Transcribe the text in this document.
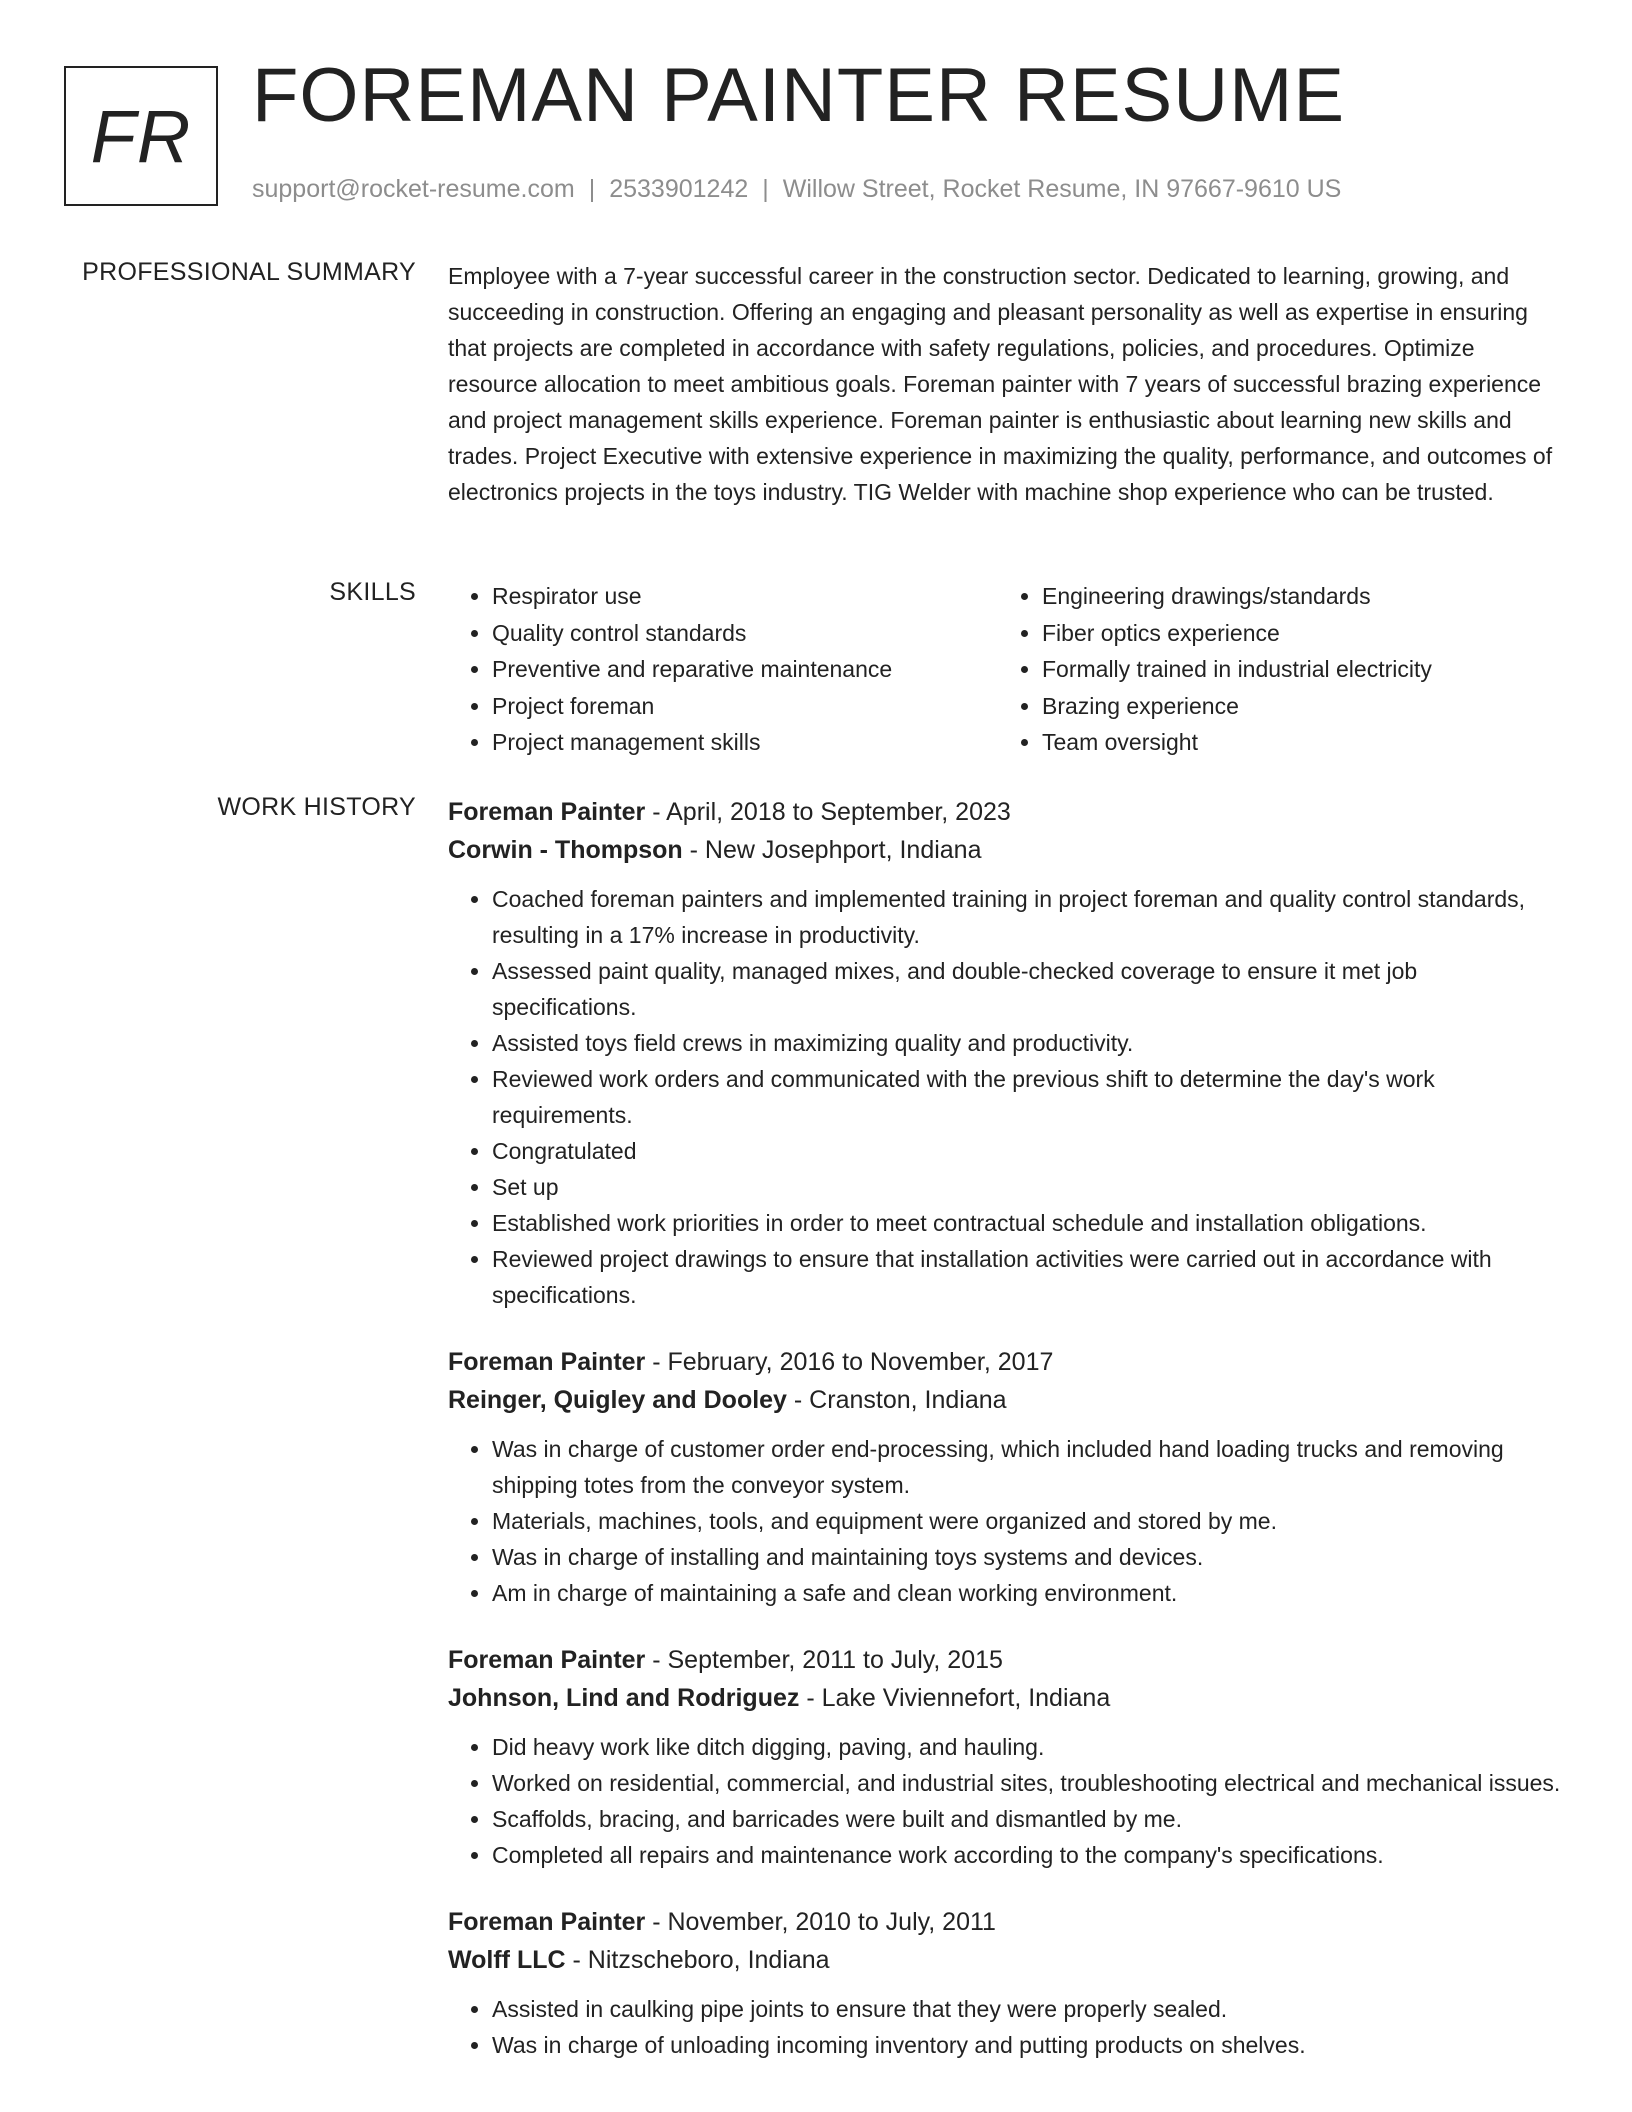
FR FOREMAN PAINTER RESUME
support@rocket-resume.com | 2533901242 | Willow Street, Rocket Resume, IN 97667-9610 US
PROFESSIONAL SUMMARY Employee with a 7-year successful career in the construction sector. Dedicated to learning, growing, and succeeding in construction. Offering an engaging and pleasant personality as well as expertise in ensuring that projects are completed in accordance with safety regulations, policies, and procedures. Optimize resource allocation to meet ambitious goals. Foreman painter with 7 years of successful brazing experience and project management skills experience. Foreman painter is enthusiastic about learning new skills and trades. Project Executive with extensive experience in maximizing the quality, performance, and outcomes of electronics projects in the toys industry. TIG Welder with machine shop experience who can be trusted.

SKILLS
•	Respirator use
• Quality control standards
• Preventive and reparative maintenance
• Project foreman
• Project management skills
• Engineering drawings/standards
• Fiber optics experience
• Formally trained in industrial electricity
• Brazing experience
• Team oversight
WORK HISTORY Foreman Painter - April, 2018 to September, 2023
Corwin - Thompson - New Josephport, Indiana
• Coached foreman painters and implemented training in project foreman and quality control standards, resulting in a 17% increase in productivity.
• Assessed paint quality, managed mixes, and double-checked coverage to ensure it met job specifications.
• Assisted toys field crews in maximizing quality and productivity.
• Reviewed work orders and communicated with the previous shift to determine the day's work requirements.
• Congratulated
• Set up
• Established work priorities in order to meet contractual schedule and installation obligations.
• Reviewed project drawings to ensure that installation activities were carried out in accordance with specifications.
Foreman Painter - February, 2016 to November, 2017
Reinger, Quigley and Dooley - Cranston, Indiana
• Was in charge of customer order end-processing, which included hand loading trucks and removing shipping totes from the conveyor system.
• Materials, machines, tools, and equipment were organized and stored by me.
• Was in charge of installing and maintaining toys systems and devices.
• Am in charge of maintaining a safe and clean working environment.
Foreman Painter - September, 2011 to July, 2015
Johnson, Lind and Rodriguez - Lake Viviennefort, Indiana
• Did heavy work like ditch digging, paving, and hauling.
• Worked on residential, commercial, and industrial sites, troubleshooting electrical and mechanical issues.
• Scaffolds, bracing, and barricades were built and dismantled by me.
• Completed all repairs and maintenance work according to the company's specifications.
Foreman Painter - November, 2010 to July, 2011
Wolff LLC - Nitzscheboro, Indiana
• Assisted in caulking pipe joints to ensure that they were properly sealed.
• Was in charge of unloading incoming inventory and putting products on shelves.
